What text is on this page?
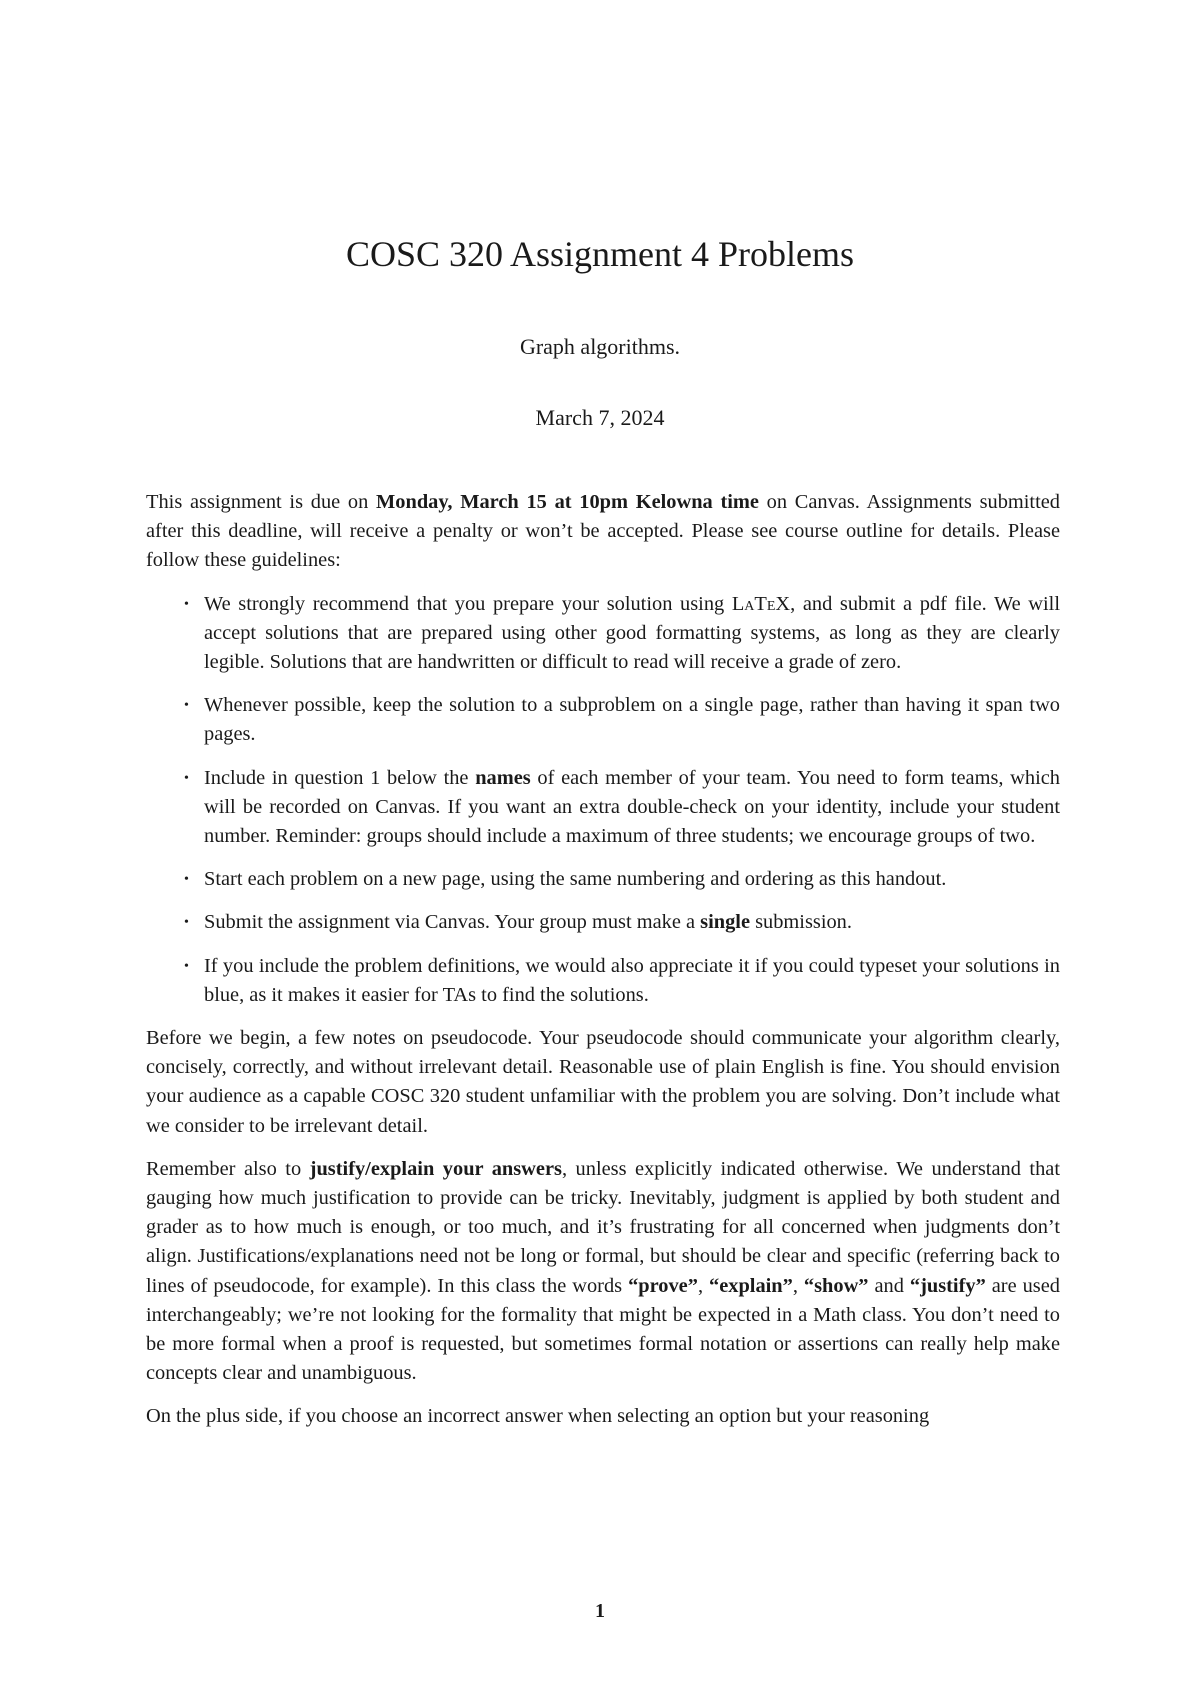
COSC 320 Assignment 4 Problems
Graph algorithms.
March 7, 2024

This assignment is due on Monday, March 15 at 10pm Kelowna time on Canvas. Assignments submitted after this deadline, will receive a penalty or won’t be accepted. Please see course outline for details. Please follow these guidelines:

• We strongly recommend that you prepare your solution using LaTeX, and submit a pdf file. We will accept solutions that are prepared using other good formatting systems, as long as they are clearly legible. Solutions that are handwritten or difficult to read will receive a grade of zero.
• Whenever possible, keep the solution to a subproblem on a single page, rather than having it span two pages.
• Include in question 1 below the names of each member of your team. You need to form teams, which will be recorded on Canvas. If you want an extra double-check on your identity, include your student number. Reminder: groups should include a maximum of three students; we encourage groups of two.
• Start each problem on a new page, using the same numbering and ordering as this handout.
• Submit the assignment via Canvas. Your group must make a single submission.
• If you include the problem definitions, we would also appreciate it if you could typeset your solutions in blue, as it makes it easier for TAs to find the solutions.

Before we begin, a few notes on pseudocode. Your pseudocode should communicate your algorithm clearly, concisely, correctly, and without irrelevant detail. Reasonable use of plain English is fine. You should envision your audience as a capable COSC 320 student unfamiliar with the problem you are solving. Don’t include what we consider to be irrelevant detail.

Remember also to justify/explain your answers, unless explicitly indicated otherwise. We understand that gauging how much justification to provide can be tricky. Inevitably, judgment is applied by both student and grader as to how much is enough, or too much, and it’s frustrating for all concerned when judgments don’t align. Justifications/explanations need not be long or formal, but should be clear and specific (referring back to lines of pseudocode, for example). In this class the words “prove”, “explain”, “show” and “justify” are used interchangeably; we’re not looking for the formality that might be expected in a Math class. You don’t need to be more formal when a proof is requested, but sometimes formal notation or assertions can really help make concepts clear and unambiguous.

On the plus side, if you choose an incorrect answer when selecting an option but your reasoning

1
